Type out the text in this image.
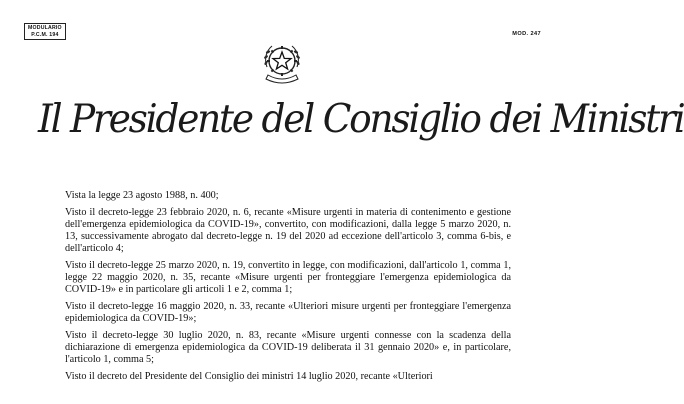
MODULARIO
P.C.M. 194	MOD. 247
Il Presidente del Consiglio dei Ministri

Vista la legge 23 agosto 1988, n. 400;

Visto il decreto-legge 23 febbraio 2020, n. 6, recante «Misure urgenti in materia di contenimento e gestione dell'emergenza epidemiologica da COVID-19», convertito, con modificazioni, dalla legge 5 marzo 2020, n. 13, successivamente abrogato dal decreto-legge n. 19 del 2020 ad eccezione dell'articolo 3, comma 6-bis, e dell'articolo 4;

Visto il decreto-legge 25 marzo 2020, n. 19, convertito in legge, con modificazioni, dall'articolo 1, comma 1, legge 22 maggio 2020, n. 35, recante «Misure urgenti per fronteggiare l'emergenza epidemiologica da COVID-19» e in particolare gli articoli 1 e 2, comma 1;

Visto il decreto-legge 16 maggio 2020, n. 33, recante «Ulteriori misure urgenti per fronteggiare l'emergenza epidemiologica da COVID-19»;

Visto il decreto-legge 30 luglio 2020, n. 83, recante «Misure urgenti connesse con la scadenza della dichiarazione di emergenza epidemiologica da COVID-19 deliberata il 31 gennaio 2020» e, in particolare, l'articolo 1, comma 5;

Visto il decreto del Presidente del Consiglio dei ministri 14 luglio 2020, recante «Ulteriori
